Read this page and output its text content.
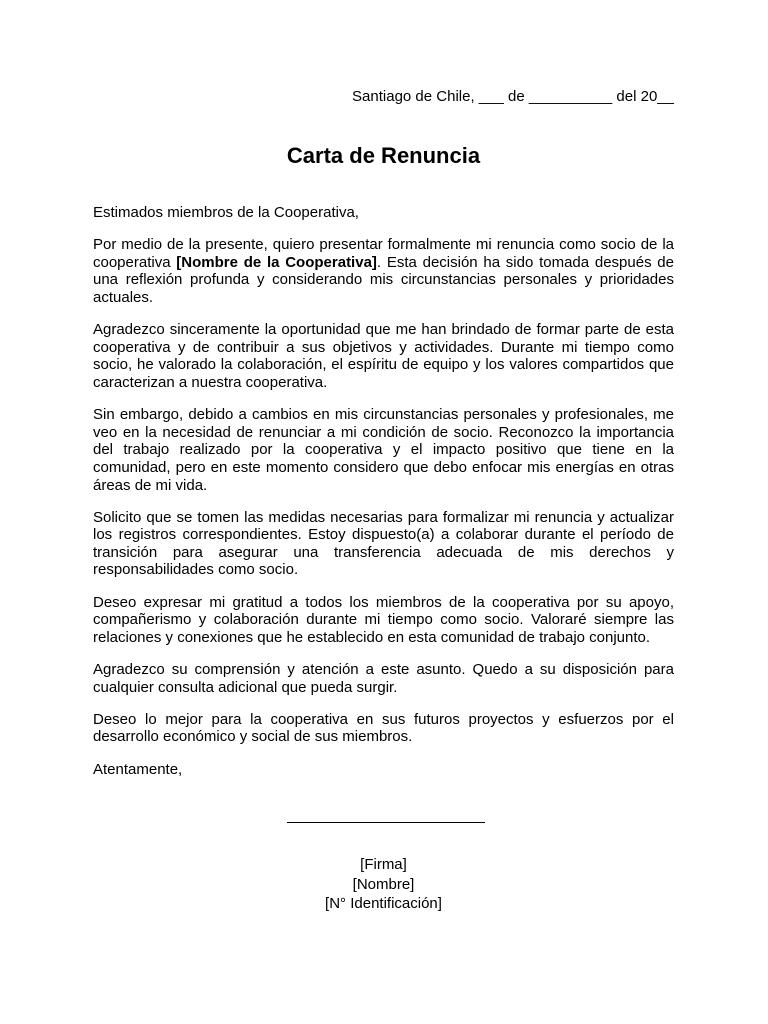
Santiago de Chile, ___ de __________ del 20__
Carta de Renuncia

Estimados miembros de la Cooperativa,

Por medio de la presente, quiero presentar formalmente mi renuncia como socio de la cooperativa [Nombre de la Cooperativa]. Esta decisión ha sido tomada después de una reflexión profunda y considerando mis circunstancias personales y prioridades actuales.

Agradezco sinceramente la oportunidad que me han brindado de formar parte de esta cooperativa y de contribuir a sus objetivos y actividades. Durante mi tiempo como socio, he valorado la colaboración, el espíritu de equipo y los valores compartidos que caracterizan a nuestra cooperativa.

Sin embargo, debido a cambios en mis circunstancias personales y profesionales, me veo en la necesidad de renunciar a mi condición de socio. Reconozco la importancia del trabajo realizado por la cooperativa y el impacto positivo que tiene en la comunidad, pero en este momento considero que debo enfocar mis energías en otras áreas de mi vida.

Solicito que se tomen las medidas necesarias para formalizar mi renuncia y actualizar los registros correspondientes. Estoy dispuesto(a) a colaborar durante el período de transición para asegurar una transferencia adecuada de mis derechos y responsabilidades como socio.

Deseo expresar mi gratitud a todos los miembros de la cooperativa por su apoyo, compañerismo y colaboración durante mi tiempo como socio. Valoraré siempre las relaciones y conexiones que he establecido en esta comunidad de trabajo conjunto.

Agradezco su comprensión y atención a este asunto. Quedo a su disposición para cualquier consulta adicional que pueda surgir.

Deseo lo mejor para la cooperativa en sus futuros proyectos y esfuerzos por el desarrollo económico y social de sus miembros.

Atentamente,

[Firma]
[Nombre]
[N° Identificación]
